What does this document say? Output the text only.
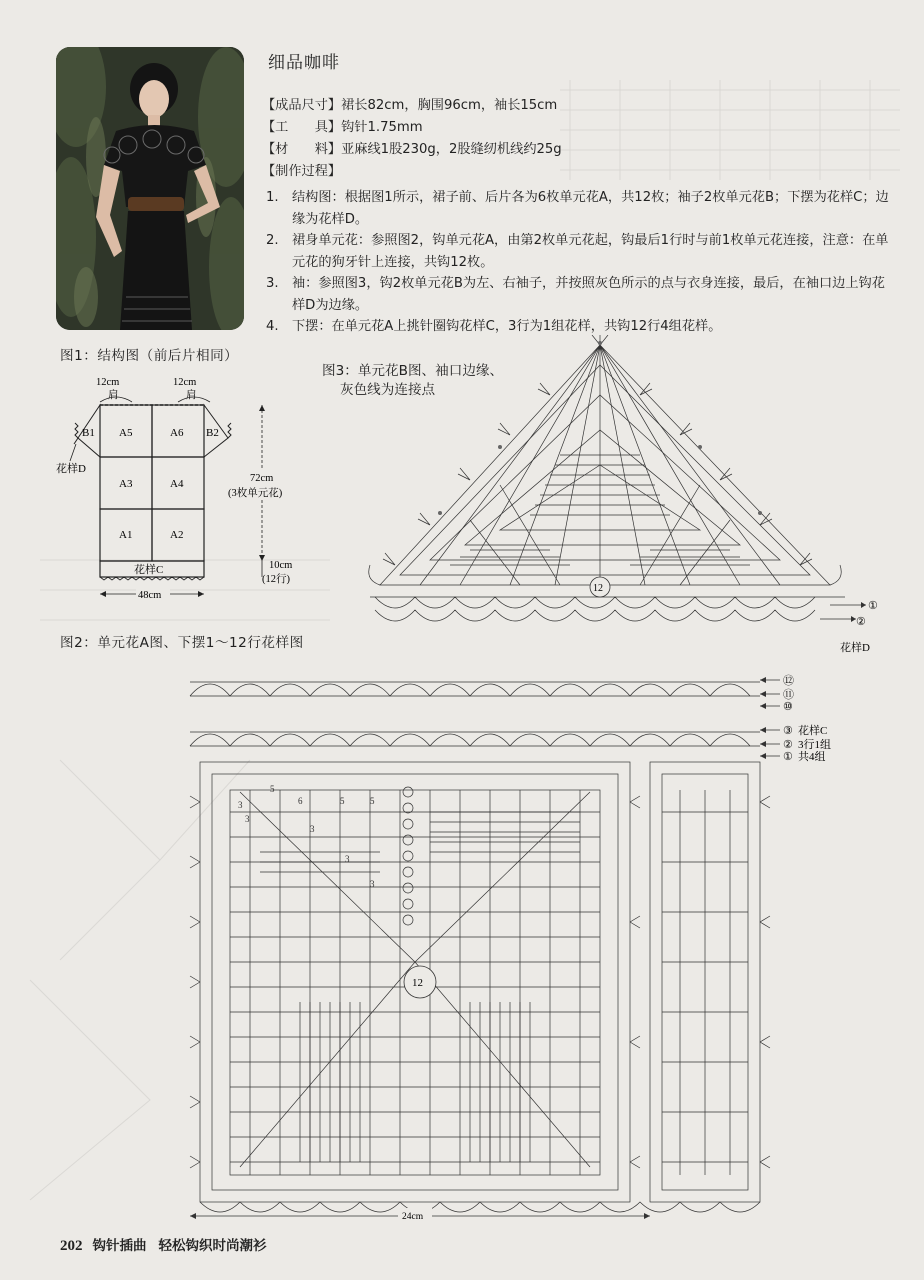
细品咖啡
【成品尺寸】裙长82cm，胸围96cm，袖长15cm
【工　　具】钩针1.75mm
【材　　料】亚麻线1股230g，2股缝纫机线约25g
【制作过程】
1. 结构图：根据图1所示，裙子前、后片各为6枚单元花A，共12枚；袖子2枚单元花B；下摆为花样C；边缘为花样D。
2. 裙身单元花：参照图2，钩单元花A，由第2枚单元花起，钩最后1行时与前1枚单元花连接，注意：在单元花的狗牙针上连接，共钩12枚。
3. 袖：参照图3，钩2枚单元花B为左、右袖子，并按照灰色所示的点与衣身连接，最后，在袖口边上钩花样D为边缘。
4. 下摆：在单元花A上挑针圈钩花样C，3行为1组花样，共钩12行4组花样。
图1：结构图（前后片相同）
12cm
肩
12cm
肩
B1	B2
A5	A6
A3	A4
A1	A2
花样D
花样C
48cm
72cm
(3枚单元花)
10cm
(12行)
图3：单元花B图、袖口边缘、
灰色线为连接点
12
①
②
花样D
图2：单元花A图、下摆1～12行花样图
3
5
6	5	5
3
3
3
3
12
⑫
⑪
⑩
③
②
①
花样C
3行1组
共4组
24cm
202 钩针插曲 轻松钩织时尚潮衫
